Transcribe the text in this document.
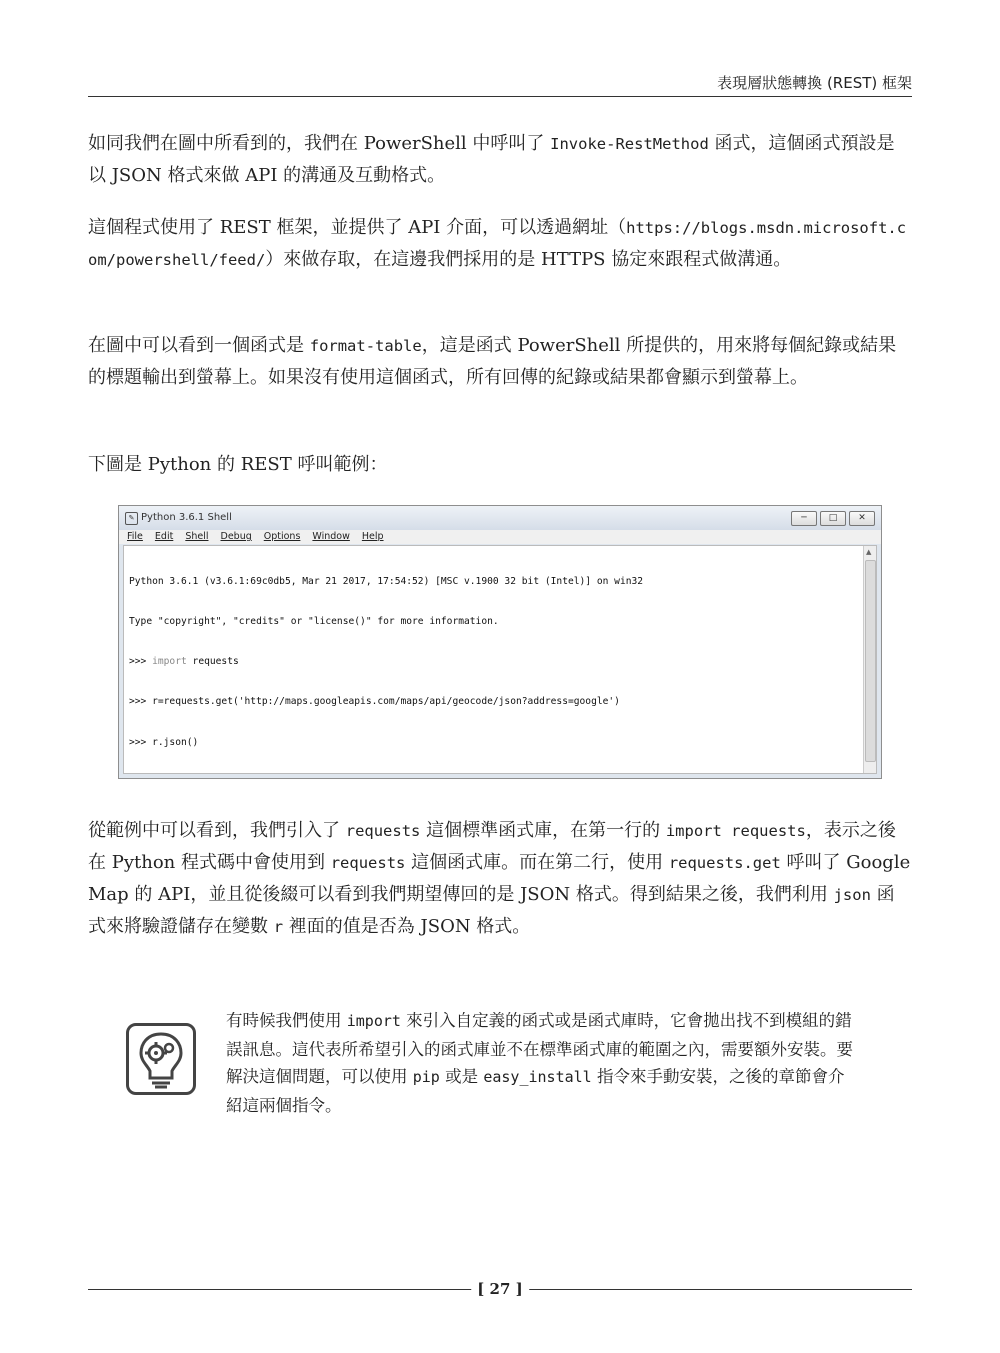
表現層狀態轉換 (REST) 框架

如同我們在圖中所看到的，我們在 PowerShell 中呼叫了 Invoke-RestMethod 函式，這個函式預設是以 JSON 格式來做 API 的溝通及互動格式。

這個程式使用了 REST 框架，並提供了 API 介面，可以透過網址（https://blogs.msdn.microsoft.com/powershell/feed/）來做存取，在這邊我們採用的是 HTTPS 協定來跟程式做溝通。

在圖中可以看到一個函式是 format-table，這是函式 PowerShell 所提供的，用來將每個紀錄或結果的標題輸出到螢幕上。如果沒有使用這個函式，所有回傳的紀錄或結果都會顯示到螢幕上。

下圖是 Python 的 REST 呼叫範例：
✎ Python 3.6.1 Shell	─	□	✕
File Edit Shell Debug Options Window Help

Python 3.6.1 (v3.6.1:69c0db5, Mar 21 2017, 17:54:52) [MSC v.1900 32 bit (Intel)] on win32

Type "copyright", "credits" or "license()" for more information.

>>> import requests

>>> r=requests.get('http://maps.googleapis.com/maps/api/geocode/json?address=google')

>>> r.json()

▲

從範例中可以看到，我們引入了 requests 這個標準函式庫，在第一行的 import requests，表示之後在 Python 程式碼中會使用到 requests 這個函式庫。而在第二行，使用 requests.get 呼叫了 Google Map 的 API，並且從後綴可以看到我們期望傳回的是 JSON 格式。得到結果之後，我們利用 json 函式來將驗證儲存在變數 r 裡面的值是否為 JSON 格式。

有時候我們使用 import 來引入自定義的函式或是函式庫時，它會拋出找不到模組的錯誤訊息。這代表所希望引入的函式庫並不在標準函式庫的範圍之內，需要額外安裝。要解決這個問題，可以使用 pip 或是 easy_install 指令來手動安裝，之後的章節會介紹這兩個指令。

[ 27 ]
